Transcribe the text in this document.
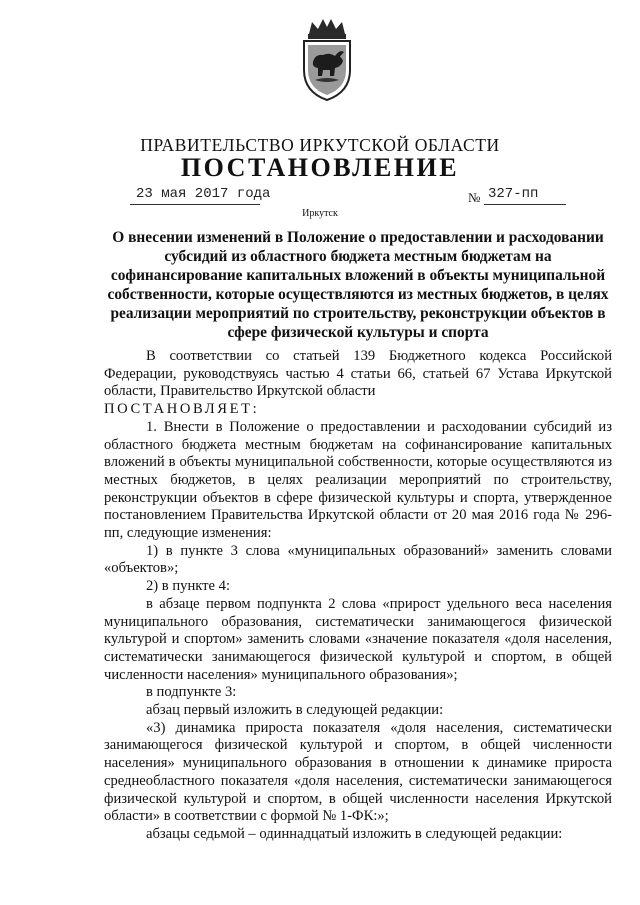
ПРАВИТЕЛЬСТВО ИРКУТСКОЙ ОБЛАСТИ
ПОСТАНОВЛЕНИЕ
23 мая 2017 года	№ 327-пп
Иркутск
О внесении изменений в Положение о предоставлении и расходовании субсидий из областного бюджета местным бюджетам на софинансирование капитальных вложений в объекты муниципальной собственности, которые осуществляются из местных бюджетов, в целях реализации мероприятий по строительству, реконструкции объектов в сфере физической культуры и спорта

В соответствии со статьей 139 Бюджетного кодекса Российской Федерации, руководствуясь частью 4 статьи 66, статьей 67 Устава Иркутской области, Правительство Иркутской области

ПОСТАНОВЛЯЕТ:

1. Внести в Положение о предоставлении и расходовании субсидий из областного бюджета местным бюджетам на софинансирование капитальных вложений в объекты муниципальной собственности, которые осуществляются из местных бюджетов, в целях реализации мероприятий по строительству, реконструкции объектов в сфере физической культуры и спорта, утвержденное постановлением Правительства Иркутской области от 20 мая 2016 года № 296-пп, следующие изменения:

1) в пункте 3 слова «муниципальных образований» заменить словами «объектов»;

2) в пункте 4:

в абзаце первом подпункта 2 слова «прирост удельного веса населения муниципального образования, систематически занимающегося физической культурой и спортом» заменить словами «значение показателя «доля населения, систематически занимающегося физической культурой и спортом, в общей численности населения» муниципального образования»;

в подпункте 3:

абзац первый изложить в следующей редакции:

«3) динамика прироста показателя «доля населения, систематически занимающегося физической культурой и спортом, в общей численности населения» муниципального образования в отношении к динамике прироста среднеобластного показателя «доля населения, систематически занимающегося физической культурой и спортом, в общей численности населения Иркутской области» в соответствии с формой № 1-ФК:»;

абзацы седьмой – одиннадцатый изложить в следующей редакции:
